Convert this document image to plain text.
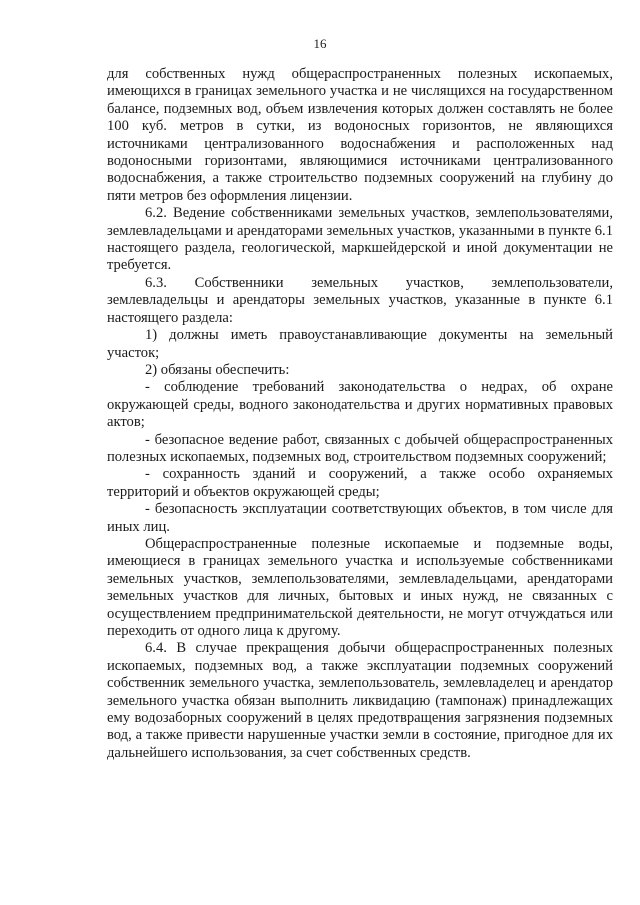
16

для собственных нужд общераспространенных полезных ископаемых, имеющихся в границах земельного участка и не числящихся на государственном балансе, подземных вод, объем извлечения которых должен составлять не более 100 куб. метров в сутки, из водоносных горизонтов, не являющихся источниками централизованного водоснабжения и расположенных над водоносными горизонтами, являющимися источниками централизованного водоснабжения, а также строительство подземных сооружений на глубину до пяти метров без оформления лицензии.

6.2. Ведение собственниками земельных участков, землепользователями, землевладельцами и арендаторами земельных участков, указанными в пункте 6.1 настоящего раздела, геологической, маркшейдерской и иной документации не требуется.

6.3. Собственники земельных участков, землепользователи, землевладельцы и арендаторы земельных участков, указанные в пункте 6.1 настоящего раздела:

1) должны иметь правоустанавливающие документы на земельный участок;

2) обязаны обеспечить:

- соблюдение требований законодательства о недрах, об охране окружающей среды, водного законодательства и других нормативных правовых актов;

- безопасное ведение работ, связанных с добычей общераспространенных полезных ископаемых, подземных вод, строительством подземных сооружений;

- сохранность зданий и сооружений, а также особо охраняемых территорий и объектов окружающей среды;

- безопасность эксплуатации соответствующих объектов, в том числе для иных лиц.

Общераспространенные полезные ископаемые и подземные воды, имеющиеся в границах земельного участка и используемые собственниками земельных участков, землепользователями, землевладельцами, арендаторами земельных участков для личных, бытовых и иных нужд, не связанных с осуществлением предпринимательской деятельности, не могут отчуждаться или переходить от одного лица к другому.

6.4. В случае прекращения добычи общераспространенных полезных ископаемых, подземных вод, а также эксплуатации подземных сооружений собственник земельного участка, землепользователь, землевладелец и арендатор земельного участка обязан выполнить ликвидацию (тампонаж) принадлежащих ему водозаборных сооружений в целях предотвращения загрязнения подземных вод, а также привести нарушенные участки земли в состояние, пригодное для их дальнейшего использования, за счет собственных средств.
